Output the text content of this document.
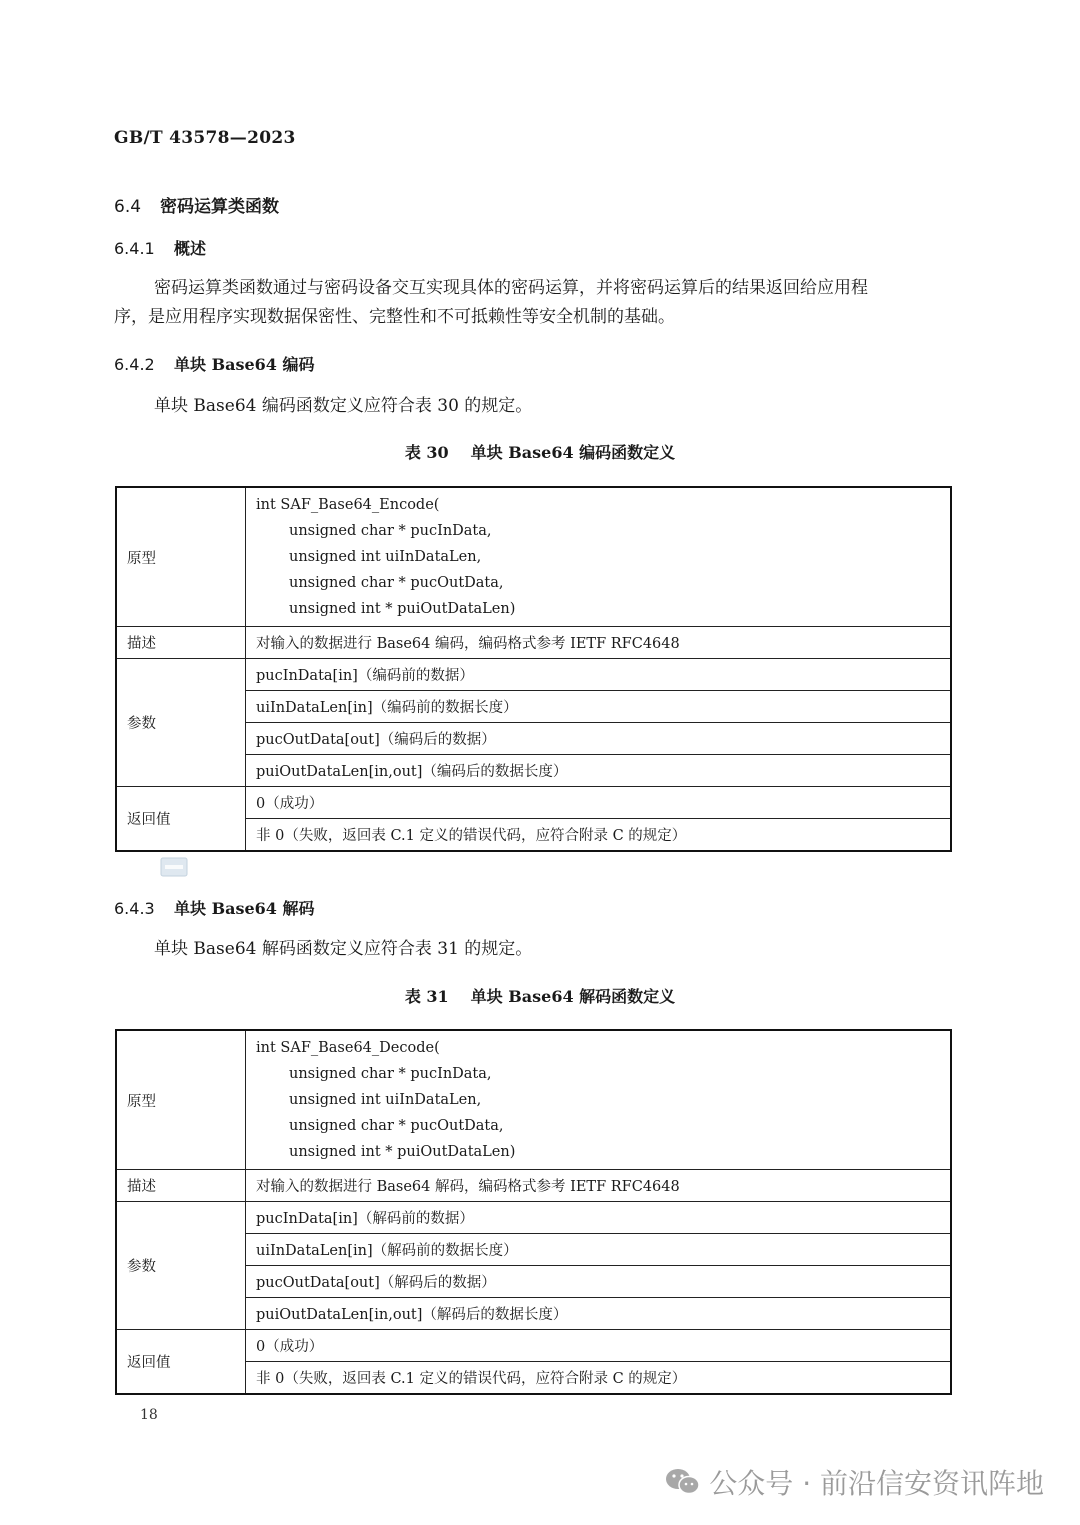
GB/T 43578—2023
6.4 密码运算类函数
6.4.1 概述
密码运算类函数通过与密码设备交互实现具体的密码运算，并将密码运算后的结果返回给应用程
序，是应用程序实现数据保密性、完整性和不可抵赖性等安全机制的基础。
6.4.2 单块 Base64 编码
单块 Base64 编码函数定义应符合表 30 的规定。
表 30 单块 Base64 编码函数定义
原型	int SAF_Base64_Encode(
unsigned char * pucInData,
unsigned int uiInDataLen,
unsigned char * pucOutData,
unsigned int * puiOutDataLen)

描述	对输入的数据进行 Base64 编码，编码格式参考 IETF RFC4648
参数	pucInData[in]（编码前的数据）
	uiInDataLen[in]（编码前的数据长度）
	pucOutData[out]（编码后的数据）
	puiOutDataLen[in,out]（编码后的数据长度）
返回值	0（成功）
	非 0（失败，返回表 C.1 定义的错误代码，应符合附录 C 的规定）
6.4.3 单块 Base64 解码
单块 Base64 解码函数定义应符合表 31 的规定。
表 31 单块 Base64 解码函数定义
原型	int SAF_Base64_Decode(
unsigned char * pucInData,
unsigned int uiInDataLen,
unsigned char * pucOutData,
unsigned int * puiOutDataLen)

描述	对输入的数据进行 Base64 解码，编码格式参考 IETF RFC4648
参数	pucInData[in]（解码前的数据）
	uiInDataLen[in]（解码前的数据长度）
	pucOutData[out]（解码后的数据）
	puiOutDataLen[in,out]（解码后的数据长度）
返回值	0（成功）
	非 0（失败，返回表 C.1 定义的错误代码，应符合附录 C 的规定）
18
公众号 · 前沿信安资讯阵地
